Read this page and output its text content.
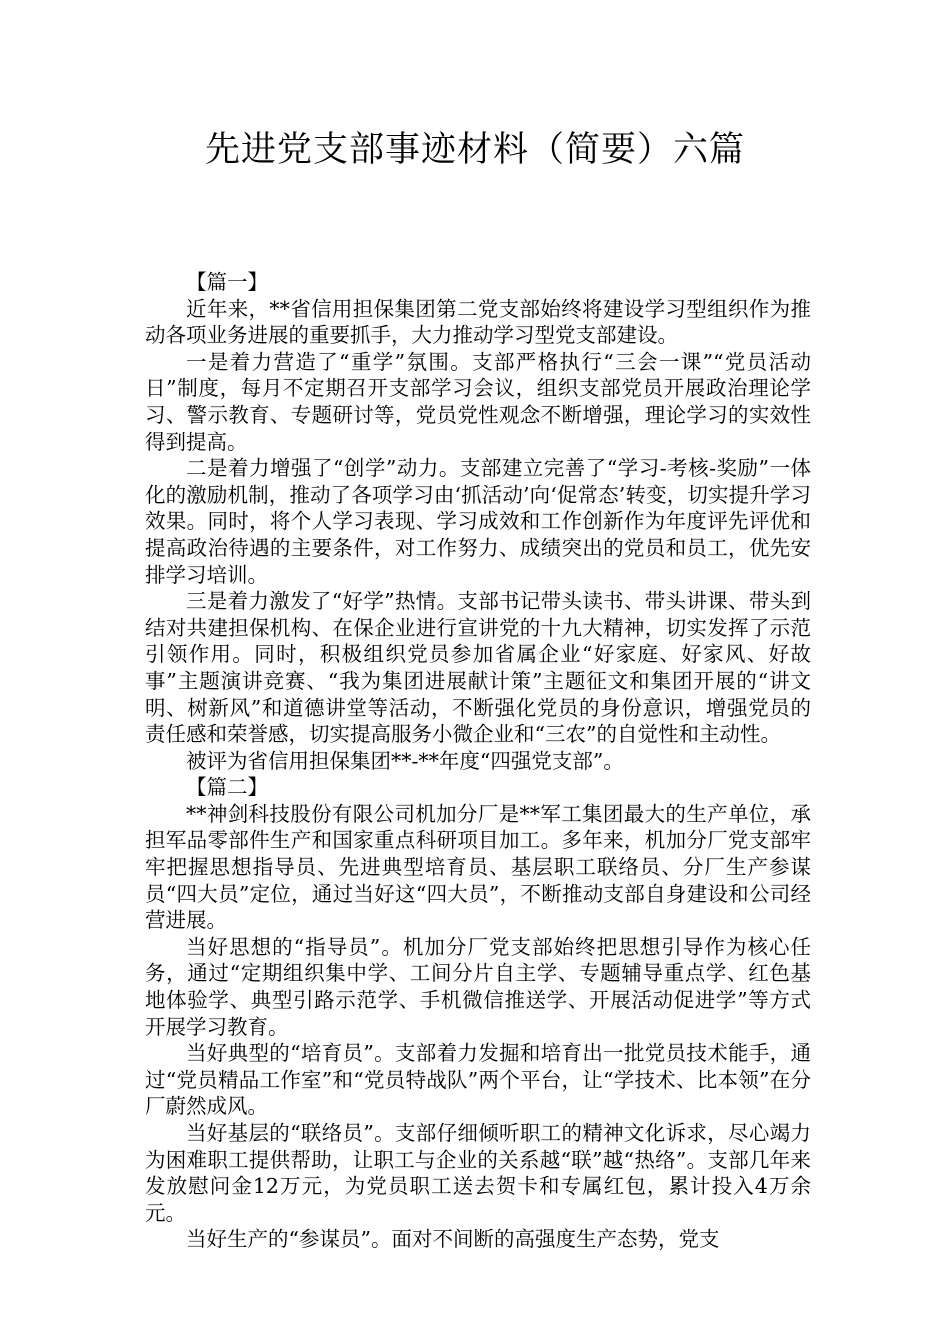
先进党支部事迹材料（简要）六篇

【篇一】

近年来，**省信用担保集团第二党支部始终将建设学习型组织作为推动各项业务进展的重要抓手，大力推动学习型党支部建设。

一是着力营造了“重学”氛围。支部严格执行“三会一课”“党员活动日”制度，每月不定期召开支部学习会议，组织支部党员开展政治理论学习、警示教育、专题研讨等，党员党性观念不断增强，理论学习的实效性得到提高。

二是着力增强了“创学”动力。支部建立完善了“学习-考核-奖励”一体化的激励机制，推动了各项学习由‘抓活动’向‘促常态’转变，切实提升学习效果。同时，将个人学习表现、学习成效和工作创新作为年度评先评优和提高政治待遇的主要条件，对工作努力、成绩突出的党员和员工，优先安排学习培训。

三是着力激发了“好学”热情。支部书记带头读书、带头讲课、带头到结对共建担保机构、在保企业进行宣讲党的十九大精神，切实发挥了示范引领作用。同时，积极组织党员参加省属企业“好家庭、好家风、好故事”主题演讲竞赛、“我为集团进展献计策”主题征文和集团开展的“讲文明、树新风”和道德讲堂等活动，不断强化党员的身份意识，增强党员的责任感和荣誉感，切实提高服务小微企业和“三农”的自觉性和主动性。

被评为省信用担保集团**-**年度“四强党支部”。

【篇二】

**神剑科技股份有限公司机加分厂是**军工集团最大的生产单位，承担军品零部件生产和国家重点科研项目加工。多年来，机加分厂党支部牢牢把握思想指导员、先进典型培育员、基层职工联络员、分厂生产参谋员“四大员”定位，通过当好这“四大员”，不断推动支部自身建设和公司经营进展。

当好思想的“指导员”。机加分厂党支部始终把思想引导作为核心任务，通过“定期组织集中学、工间分片自主学、专题辅导重点学、红色基地体验学、典型引路示范学、手机微信推送学、开展活动促进学”等方式开展学习教育。

当好典型的“培育员”。支部着力发掘和培育出一批党员技术能手，通过“党员精品工作室”和“党员特战队”两个平台，让“学技术、比本领”在分厂蔚然成风。

当好基层的“联络员”。支部仔细倾听职工的精神文化诉求，尽心竭力为困难职工提供帮助，让职工与企业的关系越“联”越“热络”。支部几年来发放慰问金12万元，为党员职工送去贺卡和专属红包，累计投入4万余元。

当好生产的“参谋员”。面对不间断的高强度生产态势，党支
